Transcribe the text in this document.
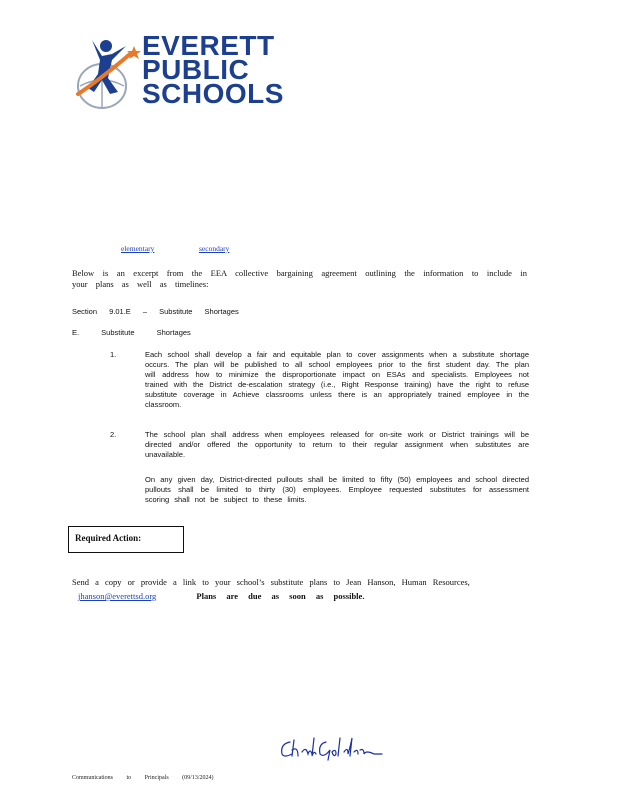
EVERETT
PUBLIC
SCHOOLS
elementary	secondary
Below is an excerpt from the EEA collective bargaining agreement outlining the information to include in your plans as well as timelines:
Section 9.01.E – Substitute Shortages
E. Substitute Shortages
1.	Each school shall develop a fair and equitable plan to cover assignments when a substitute shortage occurs. The plan will be published to all school employees prior to the first student day. The plan will address how to minimize the disproportionate impact on ESAs and specialists. Employees not trained with the District de-escalation strategy (i.e., Right Response training) have the right to refuse substitute coverage in Achieve classrooms unless there is an appropriately trained employee in the classroom.
2.	The school plan shall address when employees released for on-site work or District trainings will be directed and/or offered the opportunity to return to their regular assignment when substitutes are unavailable.
On any given day, District-directed pullouts shall be limited to fifty (50) employees and school directed pullouts shall be limited to thirty (30) employees. Employee requested substitutes for assessment scoring shall not be subject to these limits.
Required Action:
Send a copy or provide a link to your school’s substitute plans to Jean Hanson, Human Resources, jhanson@everettsd.org	Plans are due as soon as possible.
Communications to Principals (09/13/2024)
